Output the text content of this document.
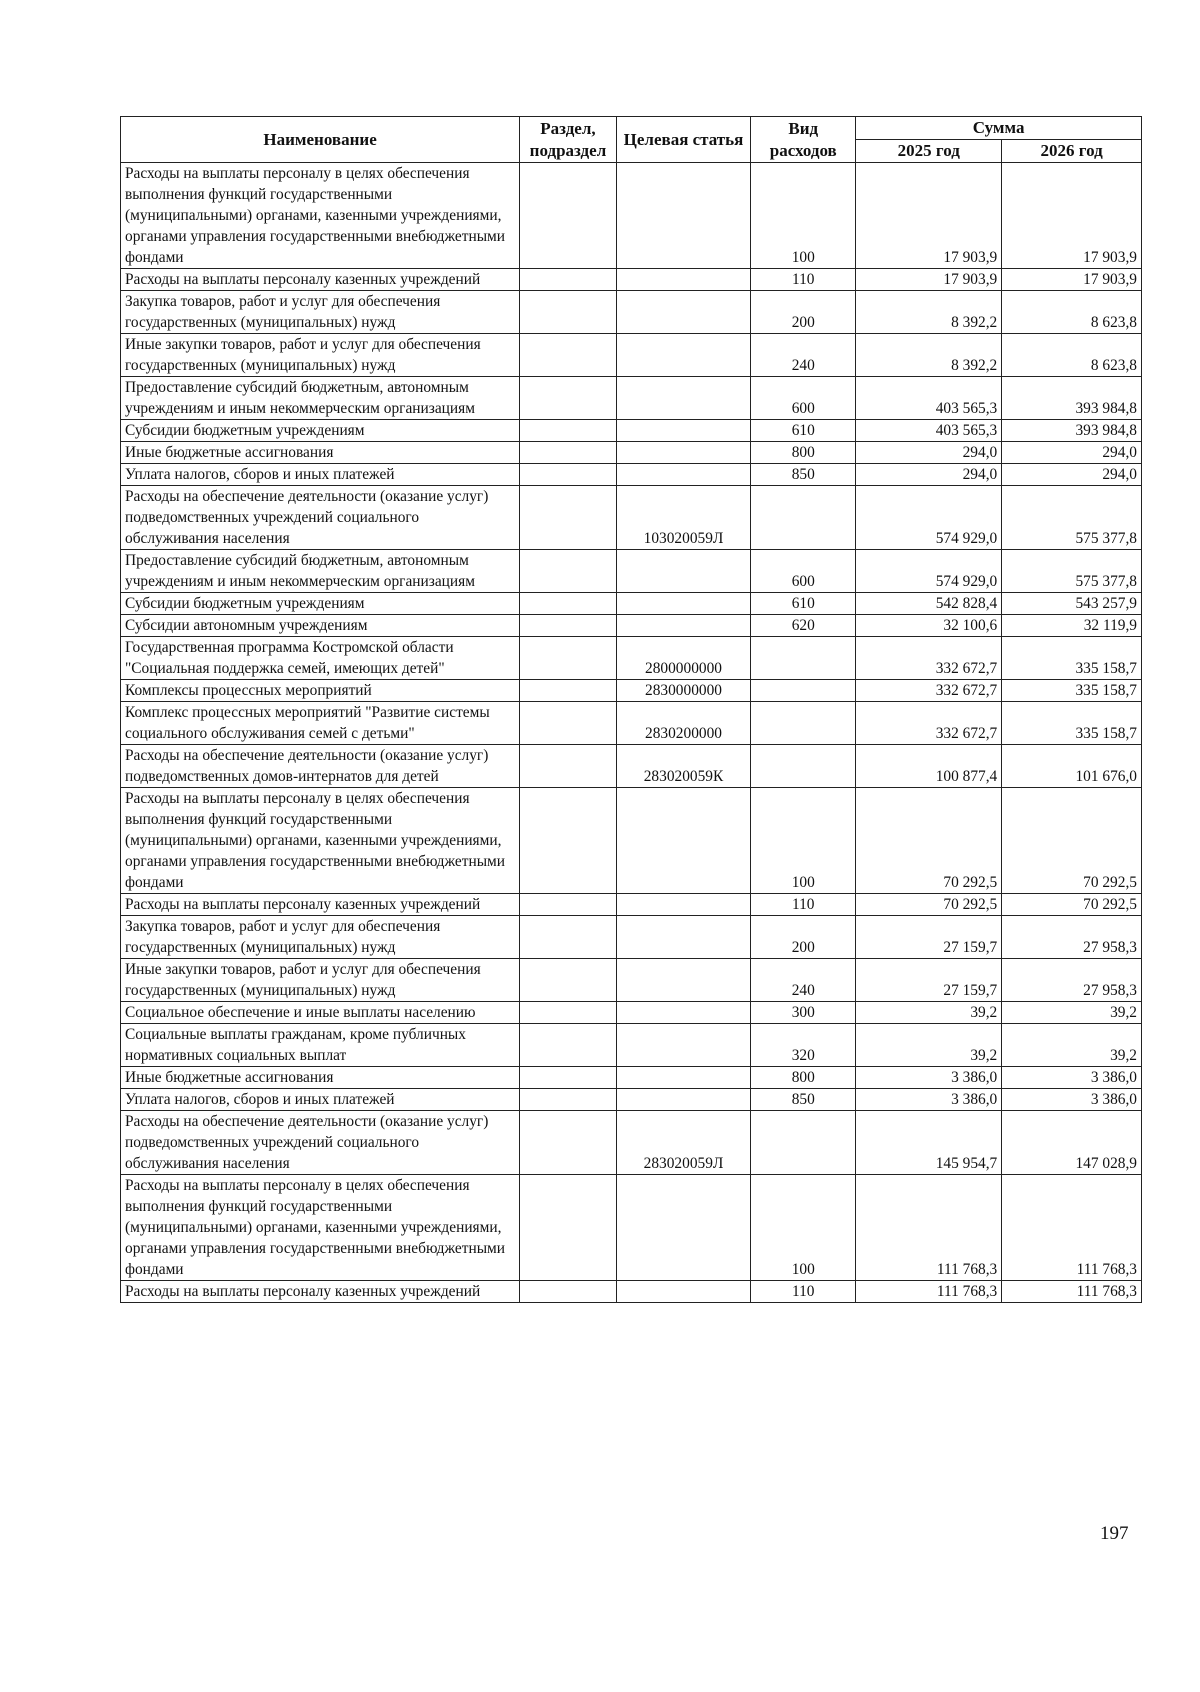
Наименование	Раздел, подраздел	Целевая статья	Вид расходов	Сумма	
				2025 год	2026 год
Расходы на выплаты персоналу в целях обеспечения выполнения функций государственными (муниципальными) органами, казенными учреждениями, органами управления государственными внебюджетными фондами			100	17 903,9	17 903,9
Расходы на выплаты персоналу казенных учреждений			110	17 903,9	17 903,9
Закупка товаров, работ и услуг для обеспечения государственных (муниципальных) нужд			200	8 392,2	8 623,8
Иные закупки товаров, работ и услуг для обеспечения государственных (муниципальных) нужд			240	8 392,2	8 623,8
Предоставление субсидий бюджетным, автономным учреждениям и иным некоммерческим организациям			600	403 565,3	393 984,8
Субсидии бюджетным учреждениям			610	403 565,3	393 984,8
Иные бюджетные ассигнования			800	294,0	294,0
Уплата налогов, сборов и иных платежей			850	294,0	294,0
Расходы на обеспечение деятельности (оказание услуг) подведомственных учреждений социального обслуживания населения		103020059Л		574 929,0	575 377,8
Предоставление субсидий бюджетным, автономным учреждениям и иным некоммерческим организациям			600	574 929,0	575 377,8
Субсидии бюджетным учреждениям			610	542 828,4	543 257,9
Субсидии автономным учреждениям			620	32 100,6	32 119,9
Государственная программа Костромской области "Социальная поддержка семей, имеющих детей"		2800000000		332 672,7	335 158,7
Комплексы процессных мероприятий		2830000000		332 672,7	335 158,7
Комплекс процессных мероприятий "Развитие системы социального обслуживания семей с детьми"		2830200000		332 672,7	335 158,7
Расходы на обеспечение деятельности (оказание услуг) подведомственных домов-интернатов для детей		283020059К		100 877,4	101 676,0
Расходы на выплаты персоналу в целях обеспечения выполнения функций государственными (муниципальными) органами, казенными учреждениями, органами управления государственными внебюджетными фондами			100	70 292,5	70 292,5
Расходы на выплаты персоналу казенных учреждений			110	70 292,5	70 292,5
Закупка товаров, работ и услуг для обеспечения государственных (муниципальных) нужд			200	27 159,7	27 958,3
Иные закупки товаров, работ и услуг для обеспечения государственных (муниципальных) нужд			240	27 159,7	27 958,3
Социальное обеспечение и иные выплаты населению			300	39,2	39,2
Социальные выплаты гражданам, кроме публичных нормативных социальных выплат			320	39,2	39,2
Иные бюджетные ассигнования			800	3 386,0	3 386,0
Уплата налогов, сборов и иных платежей			850	3 386,0	3 386,0
Расходы на обеспечение деятельности (оказание услуг) подведомственных учреждений социального обслуживания населения		283020059Л		145 954,7	147 028,9
Расходы на выплаты персоналу в целях обеспечения выполнения функций государственными (муниципальными) органами, казенными учреждениями, органами управления государственными внебюджетными фондами			100	111 768,3	111 768,3
Расходы на выплаты персоналу казенных учреждений			110	111 768,3	111 768,3
197
